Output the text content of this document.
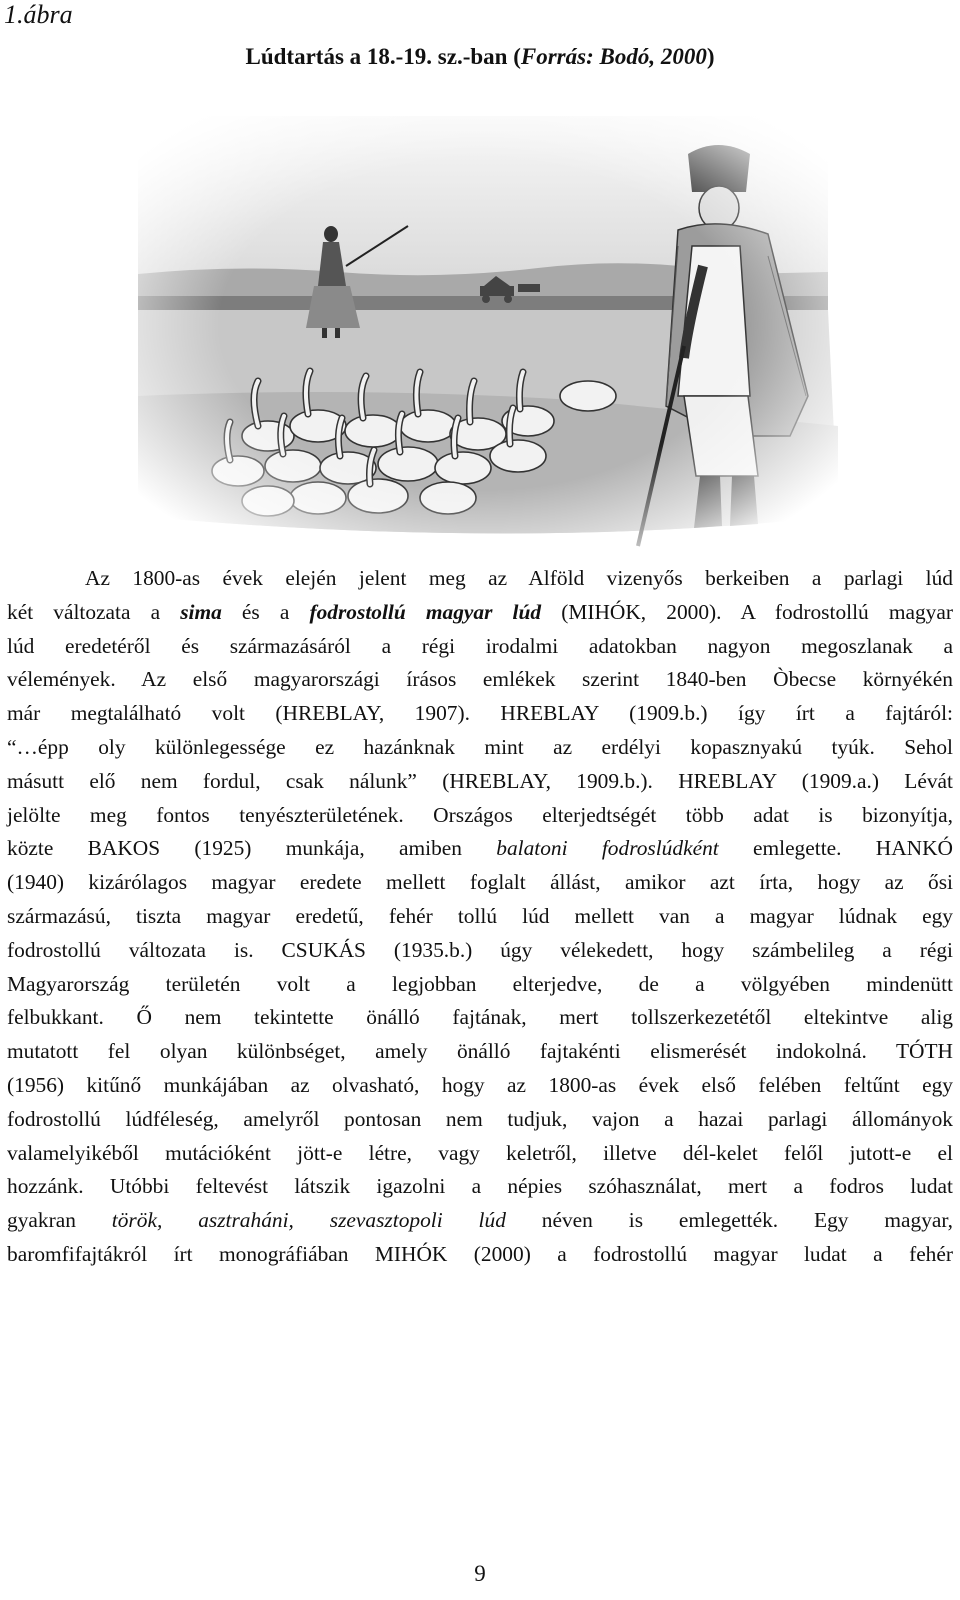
1.ábra
Lúdtartás a 18.-19. sz.-ban (Forrás: Bodó, 2000)
Az 1800-as évek elején jelent meg az Alföld vizenyős berkeiben a parlagi lúd
két változata a sima és a fodrostollú magyar lúd (MIHÓK, 2000). A fodrostollú magyar
lúd eredetéről és származásáról a régi irodalmi adatokban nagyon megoszlanak a
vélemények. Az első magyarországi írásos emlékek szerint 1840-ben Òbecse környékén
már megtalálható volt (HREBLAY, 1907). HREBLAY (1909.b.) így írt a fajtáról:
“…épp oly különlegessége ez hazánknak mint az erdélyi kopasznyakú tyúk. Sehol
másutt elő nem fordul, csak nálunk” (HREBLAY, 1909.b.). HREBLAY (1909.a.) Lévát
jelölte meg fontos tenyészterületének. Országos elterjedtségét több adat is bizonyítja,
közte BAKOS (1925) munkája, amiben balatoni fodroslúdként emlegette. HANKÓ
(1940) kizárólagos magyar eredete mellett foglalt állást, amikor azt írta, hogy az ősi
származású, tiszta magyar eredetű, fehér tollú lúd mellett van a magyar lúdnak egy
fodrostollú változata is. CSUKÁS (1935.b.) úgy vélekedett, hogy számbelileg a régi
Magyarország területén volt a legjobban elterjedve, de a völgyében mindenütt
felbukkant. Ő nem tekintette önálló fajtának, mert tollszerkezetétől eltekintve alig
mutatott fel olyan különbséget, amely önálló fajtakénti elismerését indokolná. TÓTH
(1956) kitűnő munkájában az olvasható, hogy az 1800-as évek első felében feltűnt egy
fodrostollú lúdféleség, amelyről pontosan nem tudjuk, vajon a hazai parlagi állományok
valamelyikéből mutációként jött-e létre, vagy keletről, illetve dél-kelet felől jutott-e el
hozzánk. Utóbbi feltevést látszik igazolni a népies szóhasználat, mert a fodros ludat
gyakran török, asztraháni, szevasztopoli lúd néven is emlegették. Egy magyar,
baromfifajtákról írt monográfiában MIHÓK (2000) a fodrostollú magyar ludat a fehér
9
